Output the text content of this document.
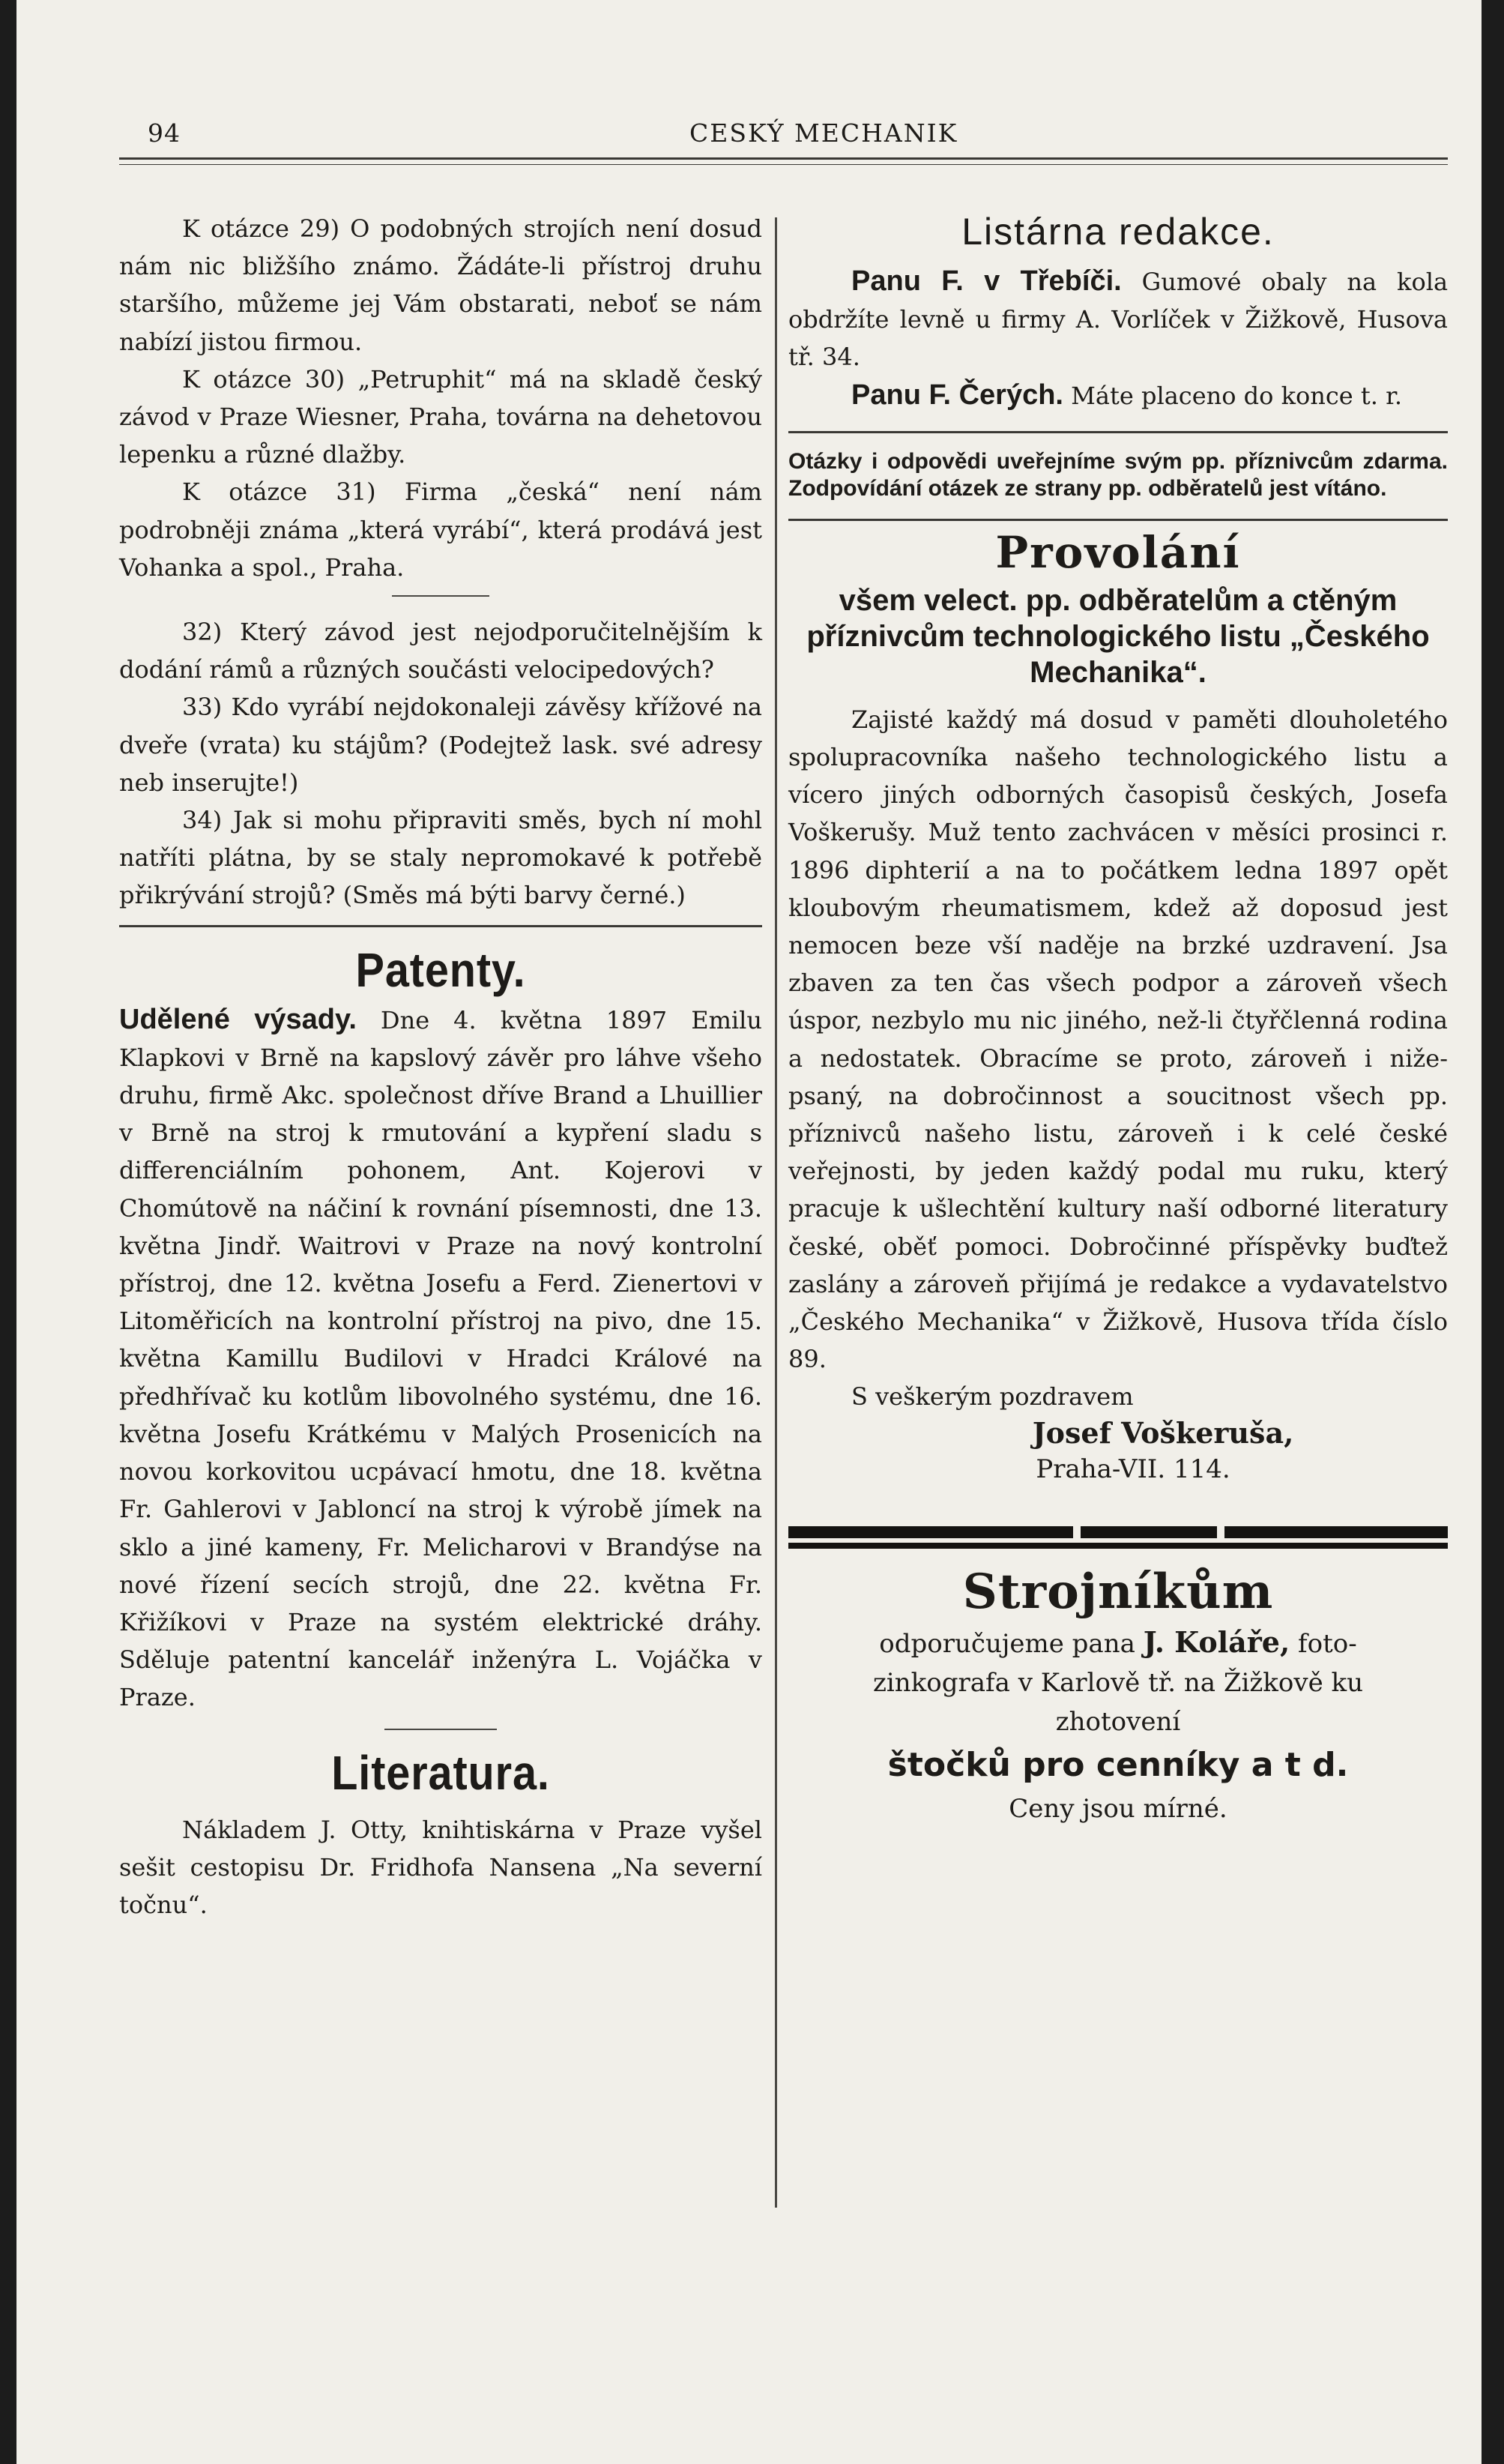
94	CESKÝ MECHANIK

K otázce 29) O podobných strojích není dosud nám nic bližšího známo. Žádáte-li přístroj druhu staršího, můžeme jej Vám obstarati, neboť se nám nabízí jistou firmou.

K otázce 30) „Petruphit“ má na skladě český závod v Praze Wiesner, Praha, továrna na dehetovou lepenku a různé dlažby.

K otázce 31) Firma „česká“ není nám podrobněji známa „která vyrábí“, která prodává jest Vohanka a spol., Praha.

32) Který závod jest nejodporučitelnějším k dodání rámů a různých součásti velocipedových?

33) Kdo vyrábí nejdokonaleji závěsy křížové na dveře (vrata) ku stájům? (Podejtež lask. své adresy neb inserujte!)

34) Jak si mohu připraviti směs, bych ní mohl natříti plátna, by se staly nepromokavé k potřebě přikrývání strojů? (Směs má býti barvy černé.)

Patenty.

Udělené výsady. Dne 4. května 1897 Emilu Klapkovi v Brně na kapslový závěr pro láhve všeho druhu, firmě Akc. společnost dříve Brand a Lhuillier v Brně na stroj k rmutování a kypření sladu s differenciálním pohonem, Ant. Kojerovi v Chomútově na náčiní k rovnání písemnosti, dne 13. května Jindř. Waitrovi v Praze na nový kontrolní přístroj, dne 12. května Josefu a Ferd. Zienertovi v Litoměřicích na kontrolní přístroj na pivo, dne 15. května Kamillu Budilovi v Hradci Králové na předhřívač ku kotlům libovolného systému, dne 16. května Josefu Krátkému v Malých Prosenicích na novou korkovitou ucpávací hmotu, dne 18. května Fr. Gahlerovi v Jabloncí na stroj k výrobě jímek na sklo a jiné kameny, Fr. Melicharovi v Brandýse na nové řízení secích strojů, dne 22. května Fr. Křižíkovi v Praze na systém elektrické dráhy. Sděluje patentní kancelář inženýra L. Vojáčka v Praze.

Literatura.

Nákladem J. Otty, knihtiskárna v Praze vyšel sešit cestopisu Dr. Fridhofa Nansena „Na severní točnu“.

Listárna redakce.

Panu F. v Třebíči. Gumové obaly na kola obdržíte levně u firmy A. Vorlíček v Žižkově, Husova tř. 34.

Panu F. Čerých. Máte placeno do konce t. r.

Otázky i odpovědi uveřejníme svým pp. příznivcům zdarma. Zodpovídání otázek ze strany pp. odběratelů jest vítáno.

Provolání
všem velect. pp. odběratelům a ctěným příznivcům technologického listu „Českého Mechanika“.

Zajisté každý má dosud v paměti dlouholetého spolupracovníka našeho technologického listu a vícero jiných odborných časopisů českých, Josefa Voškerušy. Muž tento zachvácen v měsíci prosinci r. 1896 diphterií a na to počátkem ledna 1897 opět kloubovým rheumatismem, kdež až doposud jest nemocen beze vší naděje na brzké uzdravení. Jsa zbaven za ten čas všech podpor a zároveň všech úspor, nezbylo mu nic jiného, než-li čtyřčlenná rodina a nedostatek. Obracíme se proto, zároveň i niže-psaný, na dobročinnost a soucitnost všech pp. příznivců našeho listu, zároveň i k celé české veřejnosti, by jeden každý podal mu ruku, který pracuje k ušlechtění kultury naší odborné literatury české, oběť pomoci. Dobročinné příspěvky buďtež zaslány a zároveň přijímá je redakce a vydavatelstvo „Českého Mechanika“ v Žižkově, Husova třída číslo 89.

S veškerým pozdravem

Josef Voškeruša,
Praha-VII. 114.
Strojníkům
odporučujeme pana J. Koláře, foto-
zinkografa v Karlově tř. na Žižkově ku
zhotovení
štočků pro cenníky a t d.
Ceny jsou mírné.
